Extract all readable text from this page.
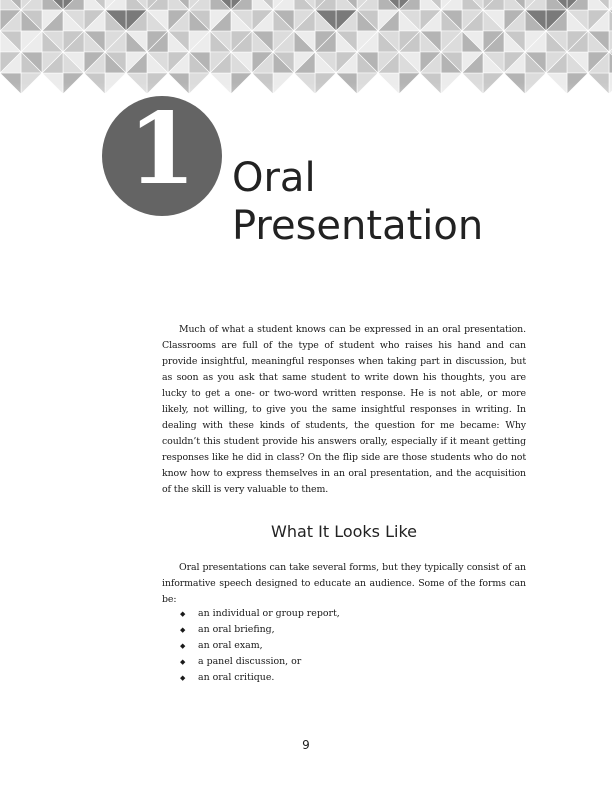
1 Oral
Presentation

Much of what a student knows can be expressed in an oral presentation. Classrooms are full of the type of student who raises his hand and can provide insightful, meaningful responses when taking part in discussion, but as soon as you ask that same student to write down his thoughts, you are lucky to get a one- or two-word written response. He is not able, or more likely, not willing, to give you the same insightful responses in writing. In dealing with these kinds of students, the question for me became: Why couldn’t this student provide his answers orally, especially if it meant getting responses like he did in class? On the flip side are those students who do not know how to express themselves in an oral presentation, and the acquisition of the skill is very valuable to them.

What It Looks Like

Oral presentations can take several forms, but they typically consist of an informative speech designed to educate an audience. Some of the forms can be:

◆ an individual or group report,
◆ an oral briefing,
◆ an oral exam,
◆ a panel discussion, or
◆ an oral critique.

9
